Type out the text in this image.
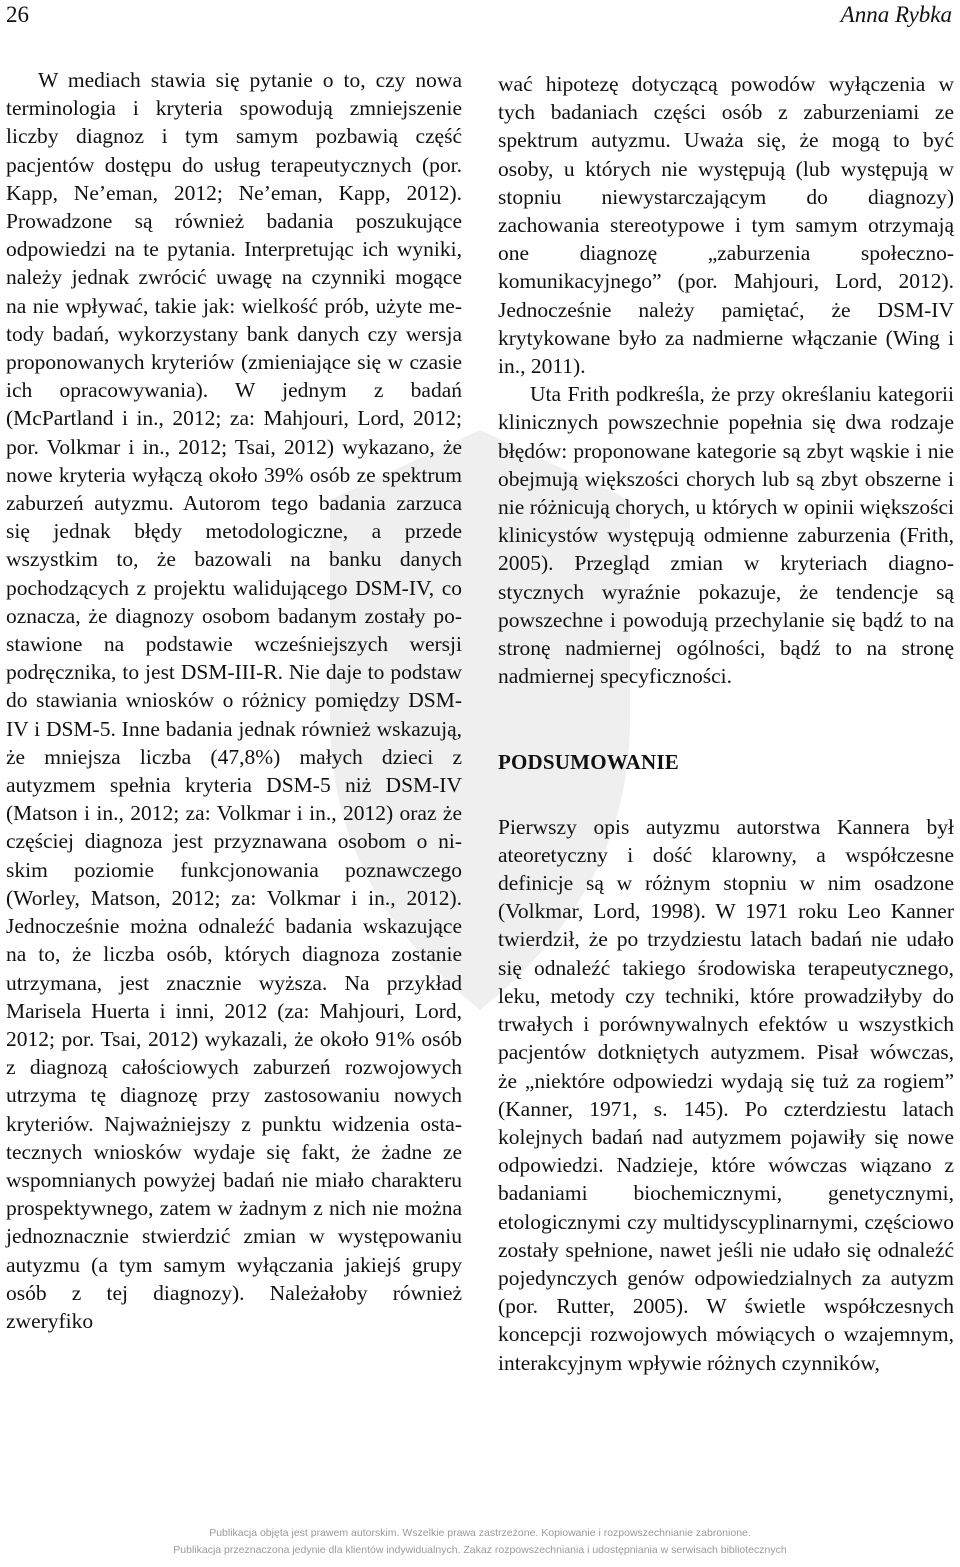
26	Anna Rybka

W mediach stawia się pytanie o to, czy nowa terminologia i kryteria spowodują zmniejszenie liczby diagnoz i tym samym pozbawią część pacjentów dostępu do usług terapeutycznych (por. Kapp, Ne’eman, 2012; Ne’eman, Kapp, 2012). Prowadzone są również badania poszukujące odpowiedzi na te pytania. Interpretując ich wyniki, należy jednak zwrócić uwagę na czynniki mogące na nie wpływać, takie jak: wielkość prób, użyte metody badań, wykorzystany bank danych czy wersja proponowanych kryteriów (zmieniające się w czasie ich opracowywania). W jednym z badań (McPartland i in., 2012; za: Mahjouri, Lord, 2012; por. Volkmar i in., 2012; Tsai, 2012) wykazano, że nowe kryteria wyłączą około 39% osób ze spektrum zaburzeń autyzmu. Autorom tego badania zarzuca się jednak błędy metodologiczne, a przede wszystkim to, że bazowali na banku danych pochodzących z projektu walidującego DSM-IV, co oznacza, że diagnozy osobom badanym zostały postawione na podstawie wcześniejszych wersji podręcznika, to jest DSM-III-R. Nie daje to podstaw do stawiania wniosków o różnicy pomiędzy DSM-IV i DSM-5. Inne badania jednak również wskazują, że mniejsza liczba (47,8%) małych dzieci z autyzmem spełnia kryteria DSM-5 niż DSM-IV (Matson i in., 2012; za: Volkmar i in., 2012) oraz że częściej diagnoza jest przyznawana osobom o niskim poziomie funkcjonowania poznawczego (Worley, Matson, 2012; za: Volkmar i in., 2012). Jednocześnie można odnaleźć badania wskazujące na to, że liczba osób, których diagnoza zostanie utrzymana, jest znacznie wyższa. Na przykład Marisela Huerta i inni, 2012 (za: Mahjouri, Lord, 2012; por. Tsai, 2012) wykazali, że około 91% osób z diagnozą całościowych zaburzeń rozwojowych utrzyma tę diagnozę przy zastosowaniu nowych kryteriów. Najważniejszy z punktu widzenia ostatecznych wniosków wydaje się fakt, że żadne ze wspomnianych powyżej badań nie miało charakteru prospektywnego, zatem w żadnym z nich nie można jednoznacznie stwierdzić zmian w występowaniu autyzmu (a tym samym wyłączania jakiejś grupy osób z tej diagnozy). Należałoby również zweryfiko

wać hipotezę dotyczącą powodów wyłączenia w tych badaniach części osób z zaburzeniami ze spektrum autyzmu. Uważa się, że mogą to być osoby, u których nie występują (lub występują w stopniu niewystarczającym do diagnozy) zachowania stereotypowe i tym samym otrzymają one diagnozę „zaburzenia społeczno-komunikacyjnego” (por. Mahjouri, Lord, 2012). Jednocześnie należy pamiętać, że DSM-IV krytykowane było za nadmierne włączanie (Wing i in., 2011).

Uta Frith podkreśla, że przy określaniu kategorii klinicznych powszechnie popełnia się dwa rodzaje błędów: proponowane kategorie są zbyt wąskie i nie obejmują większości chorych lub są zbyt obszerne i nie różnicują chorych, u których w opinii większości klinicystów występują odmienne zaburzenia (Frith, 2005). Przegląd zmian w kryteriach diagnostycznych wyraźnie pokazuje, że tendencje są powszechne i powodują przechylanie się bądź to na stronę nadmiernej ogólności, bądź to na stronę nadmiernej specyficzności.

PODSUMOWANIE

Pierwszy opis autyzmu autorstwa Kannera był ateoretyczny i dość klarowny, a współczesne definicje są w różnym stopniu w nim osadzone (Volkmar, Lord, 1998). W 1971 roku Leo Kanner twierdził, że po trzydziestu latach badań nie udało się odnaleźć takiego środowiska terapeutycznego, leku, metody czy techniki, które prowadziłyby do trwałych i porównywalnych efektów u wszystkich pacjentów dotkniętych autyzmem. Pisał wówczas, że „niektóre odpowiedzi wydają się tuż za rogiem” (Kanner, 1971, s. 145). Po czterdziestu latach kolejnych badań nad autyzmem pojawiły się nowe odpowiedzi. Nadzieje, które wówczas wiązano z badaniami biochemicznymi, genetycznymi, etologicznymi czy multidyscyplinarnymi, częściowo zostały spełnione, nawet jeśli nie udało się odnaleźć pojedynczych genów odpowiedzialnych za autyzm (por. Rutter, 2005). W świetle współczesnych koncepcji rozwojowych mówiących o wzajemnym, interakcyjnym wpływie różnych czynników,

Publikacja objęta jest prawem autorskim. Wszelkie prawa zastrzeżone. Kopiowanie i rozpowszechnianie zabronione.
Publikacja przeznaczona jedynie dla klientów indywidualnych. Zakaz rozpowszechniania i udostępniania w serwisach bibliotecznych
